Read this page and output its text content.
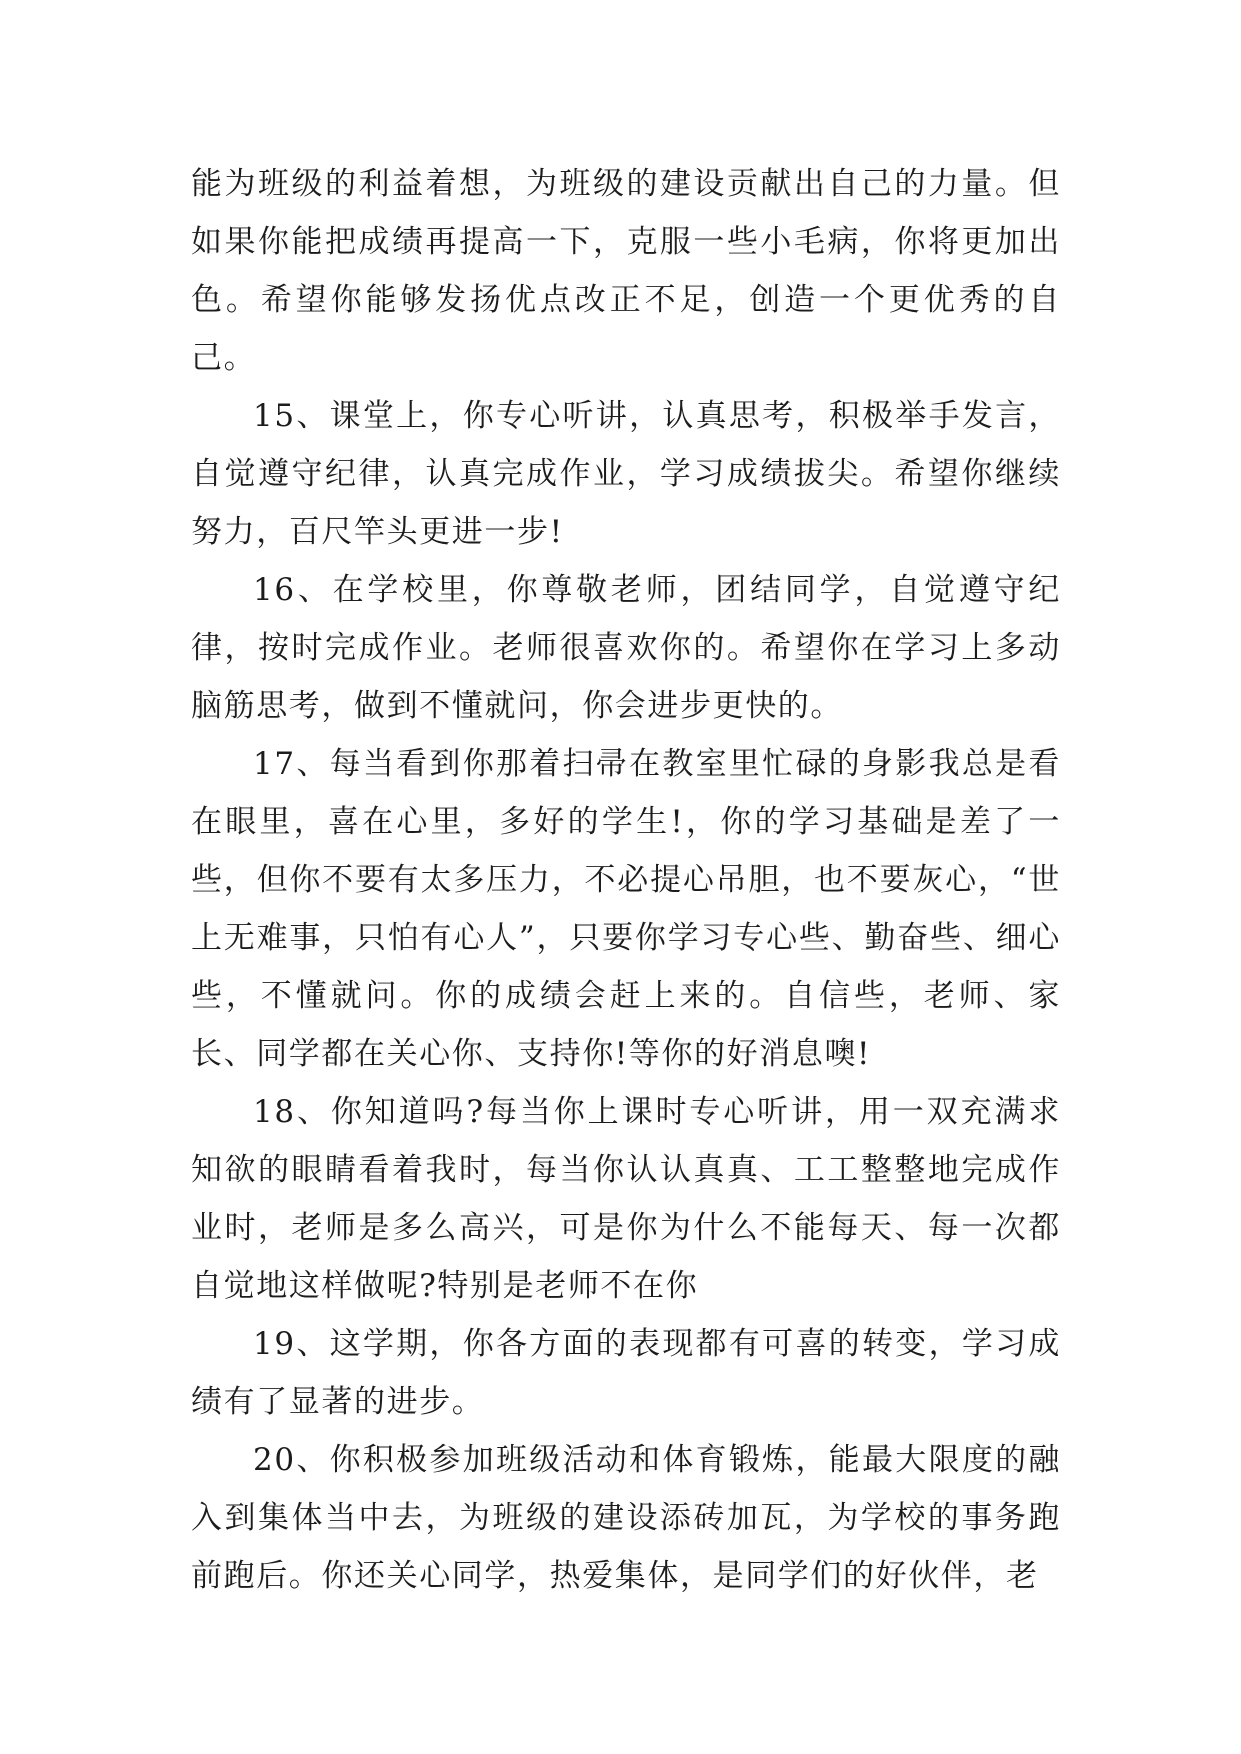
能为班级的利益着想，为班级的建设贡献出自己的力量。但如果你能把成绩再提高一下，克服一些小毛病，你将更加出色。希望你能够发扬优点改正不足，创造一个更优秀的自己。

15、课堂上，你专心听讲，认真思考，积极举手发言，自觉遵守纪律，认真完成作业，学习成绩拔尖。希望你继续努力，百尺竿头更进一步!

16、在学校里，你尊敬老师，团结同学，自觉遵守纪律，按时完成作业。老师很喜欢你的。希望你在学习上多动脑筋思考，做到不懂就问，你会进步更快的。

17、每当看到你那着扫帚在教室里忙碌的身影我总是看在眼里，喜在心里，多好的学生!，你的学习基础是差了一些，但你不要有太多压力，不必提心吊胆，也不要灰心，“世上无难事，只怕有心人”，只要你学习专心些、勤奋些、细心些，不懂就问。你的成绩会赶上来的。自信些，老师、家长、同学都在关心你、支持你!等你的好消息噢!

18、你知道吗?每当你上课时专心听讲，用一双充满求知欲的眼睛看着我时，每当你认认真真、工工整整地完成作业时，老师是多么高兴，可是你为什么不能每天、每一次都自觉地这样做呢?特别是老师不在你

19、这学期，你各方面的表现都有可喜的转变，学习成绩有了显著的进步。

20、你积极参加班级活动和体育锻炼，能最大限度的融入到集体当中去，为班级的建设添砖加瓦，为学校的事务跑前跑后。你还关心同学，热爱集体，是同学们的好伙伴，老
